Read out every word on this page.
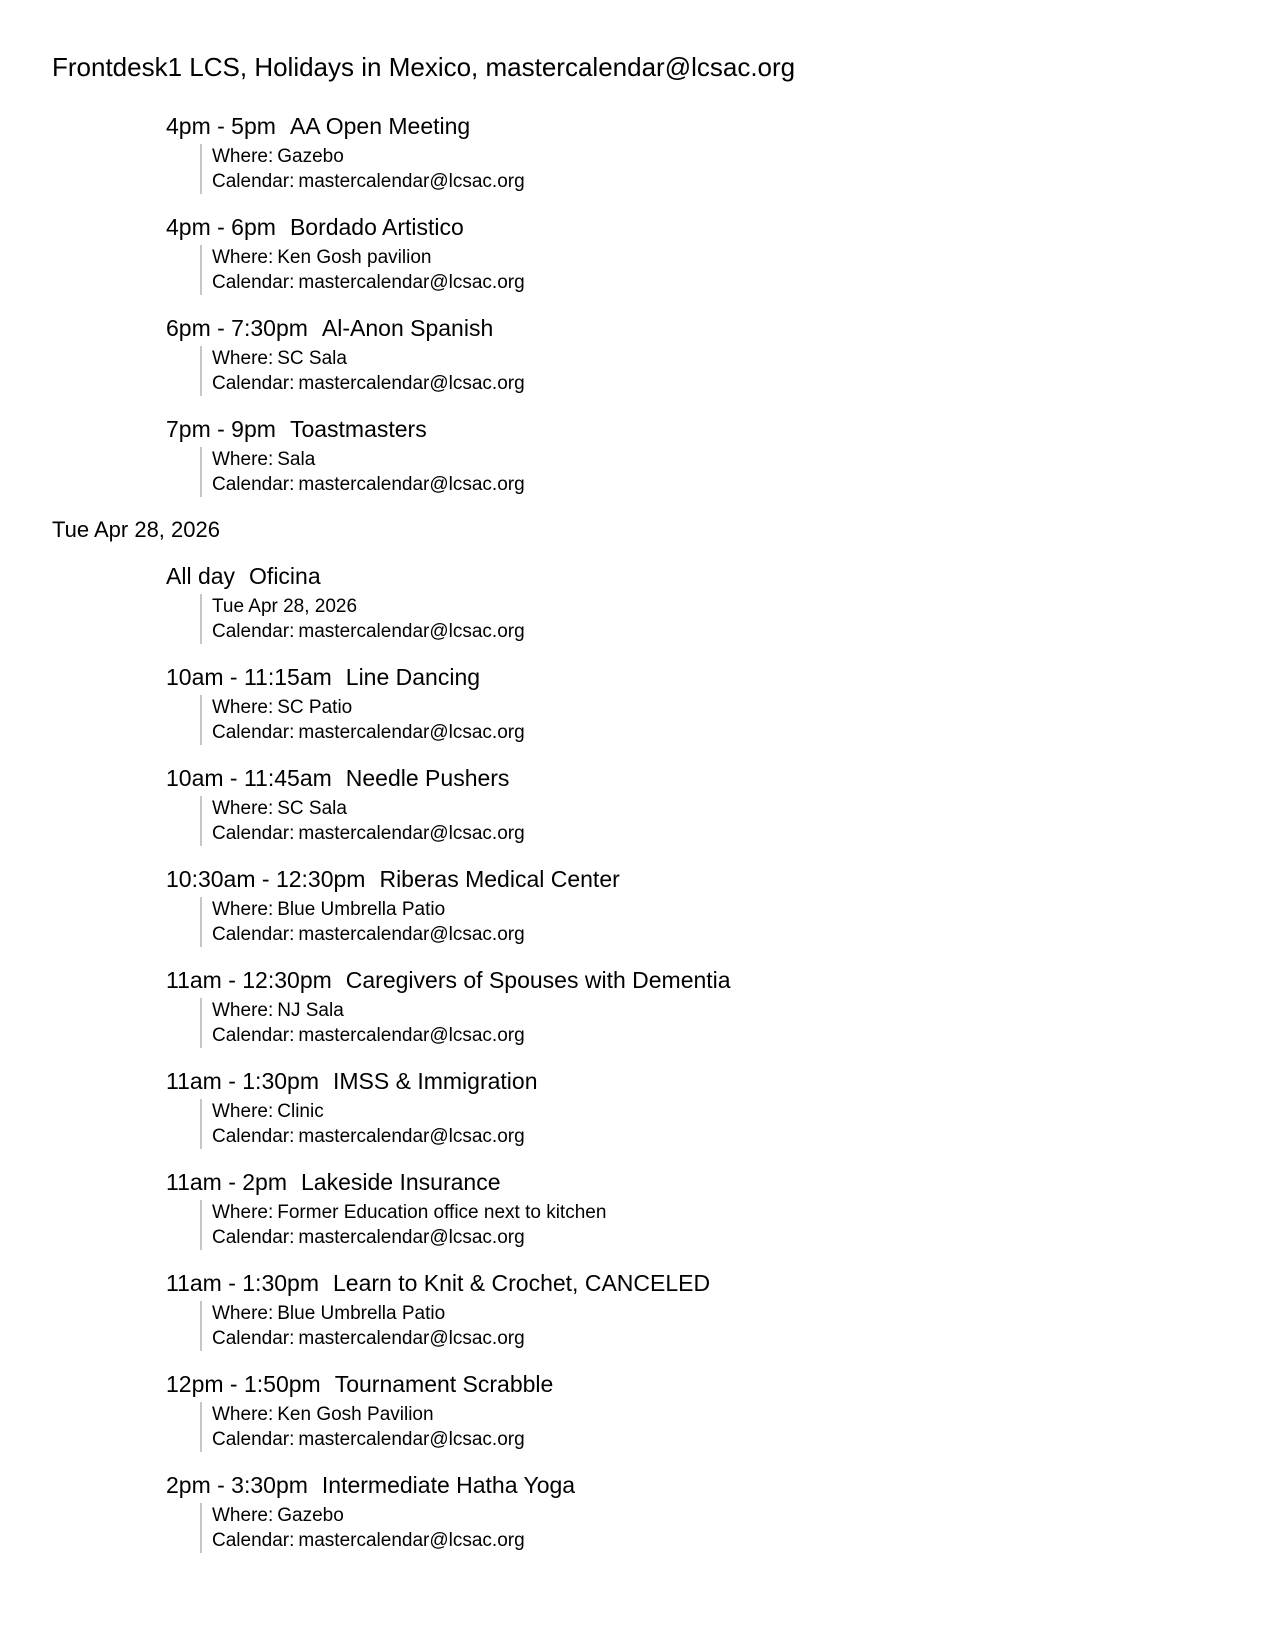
Frontdesk1 LCS, Holidays in Mexico, mastercalendar@lcsac.org
4pm - 5pm AA Open Meeting
Where: Gazebo
Calendar: mastercalendar@lcsac.org
4pm - 6pm Bordado Artistico
Where: Ken Gosh pavilion
Calendar: mastercalendar@lcsac.org
6pm - 7:30pm Al-Anon Spanish
Where: SC Sala
Calendar: mastercalendar@lcsac.org
7pm - 9pm Toastmasters
Where: Sala
Calendar: mastercalendar@lcsac.org
Tue Apr 28, 2026
All day Oficina
Tue Apr 28, 2026
Calendar: mastercalendar@lcsac.org
10am - 11:15am Line Dancing
Where: SC Patio
Calendar: mastercalendar@lcsac.org
10am - 11:45am Needle Pushers
Where: SC Sala
Calendar: mastercalendar@lcsac.org
10:30am - 12:30pm Riberas Medical Center
Where: Blue Umbrella Patio
Calendar: mastercalendar@lcsac.org
11am - 12:30pm Caregivers of Spouses with Dementia
Where: NJ Sala
Calendar: mastercalendar@lcsac.org
11am - 1:30pm IMSS & Immigration
Where: Clinic
Calendar: mastercalendar@lcsac.org
11am - 2pm Lakeside Insurance
Where: Former Education office next to kitchen
Calendar: mastercalendar@lcsac.org
11am - 1:30pm Learn to Knit & Crochet, CANCELED
Where: Blue Umbrella Patio
Calendar: mastercalendar@lcsac.org
12pm - 1:50pm Tournament Scrabble
Where: Ken Gosh Pavilion
Calendar: mastercalendar@lcsac.org
2pm - 3:30pm Intermediate Hatha Yoga
Where: Gazebo
Calendar: mastercalendar@lcsac.org
